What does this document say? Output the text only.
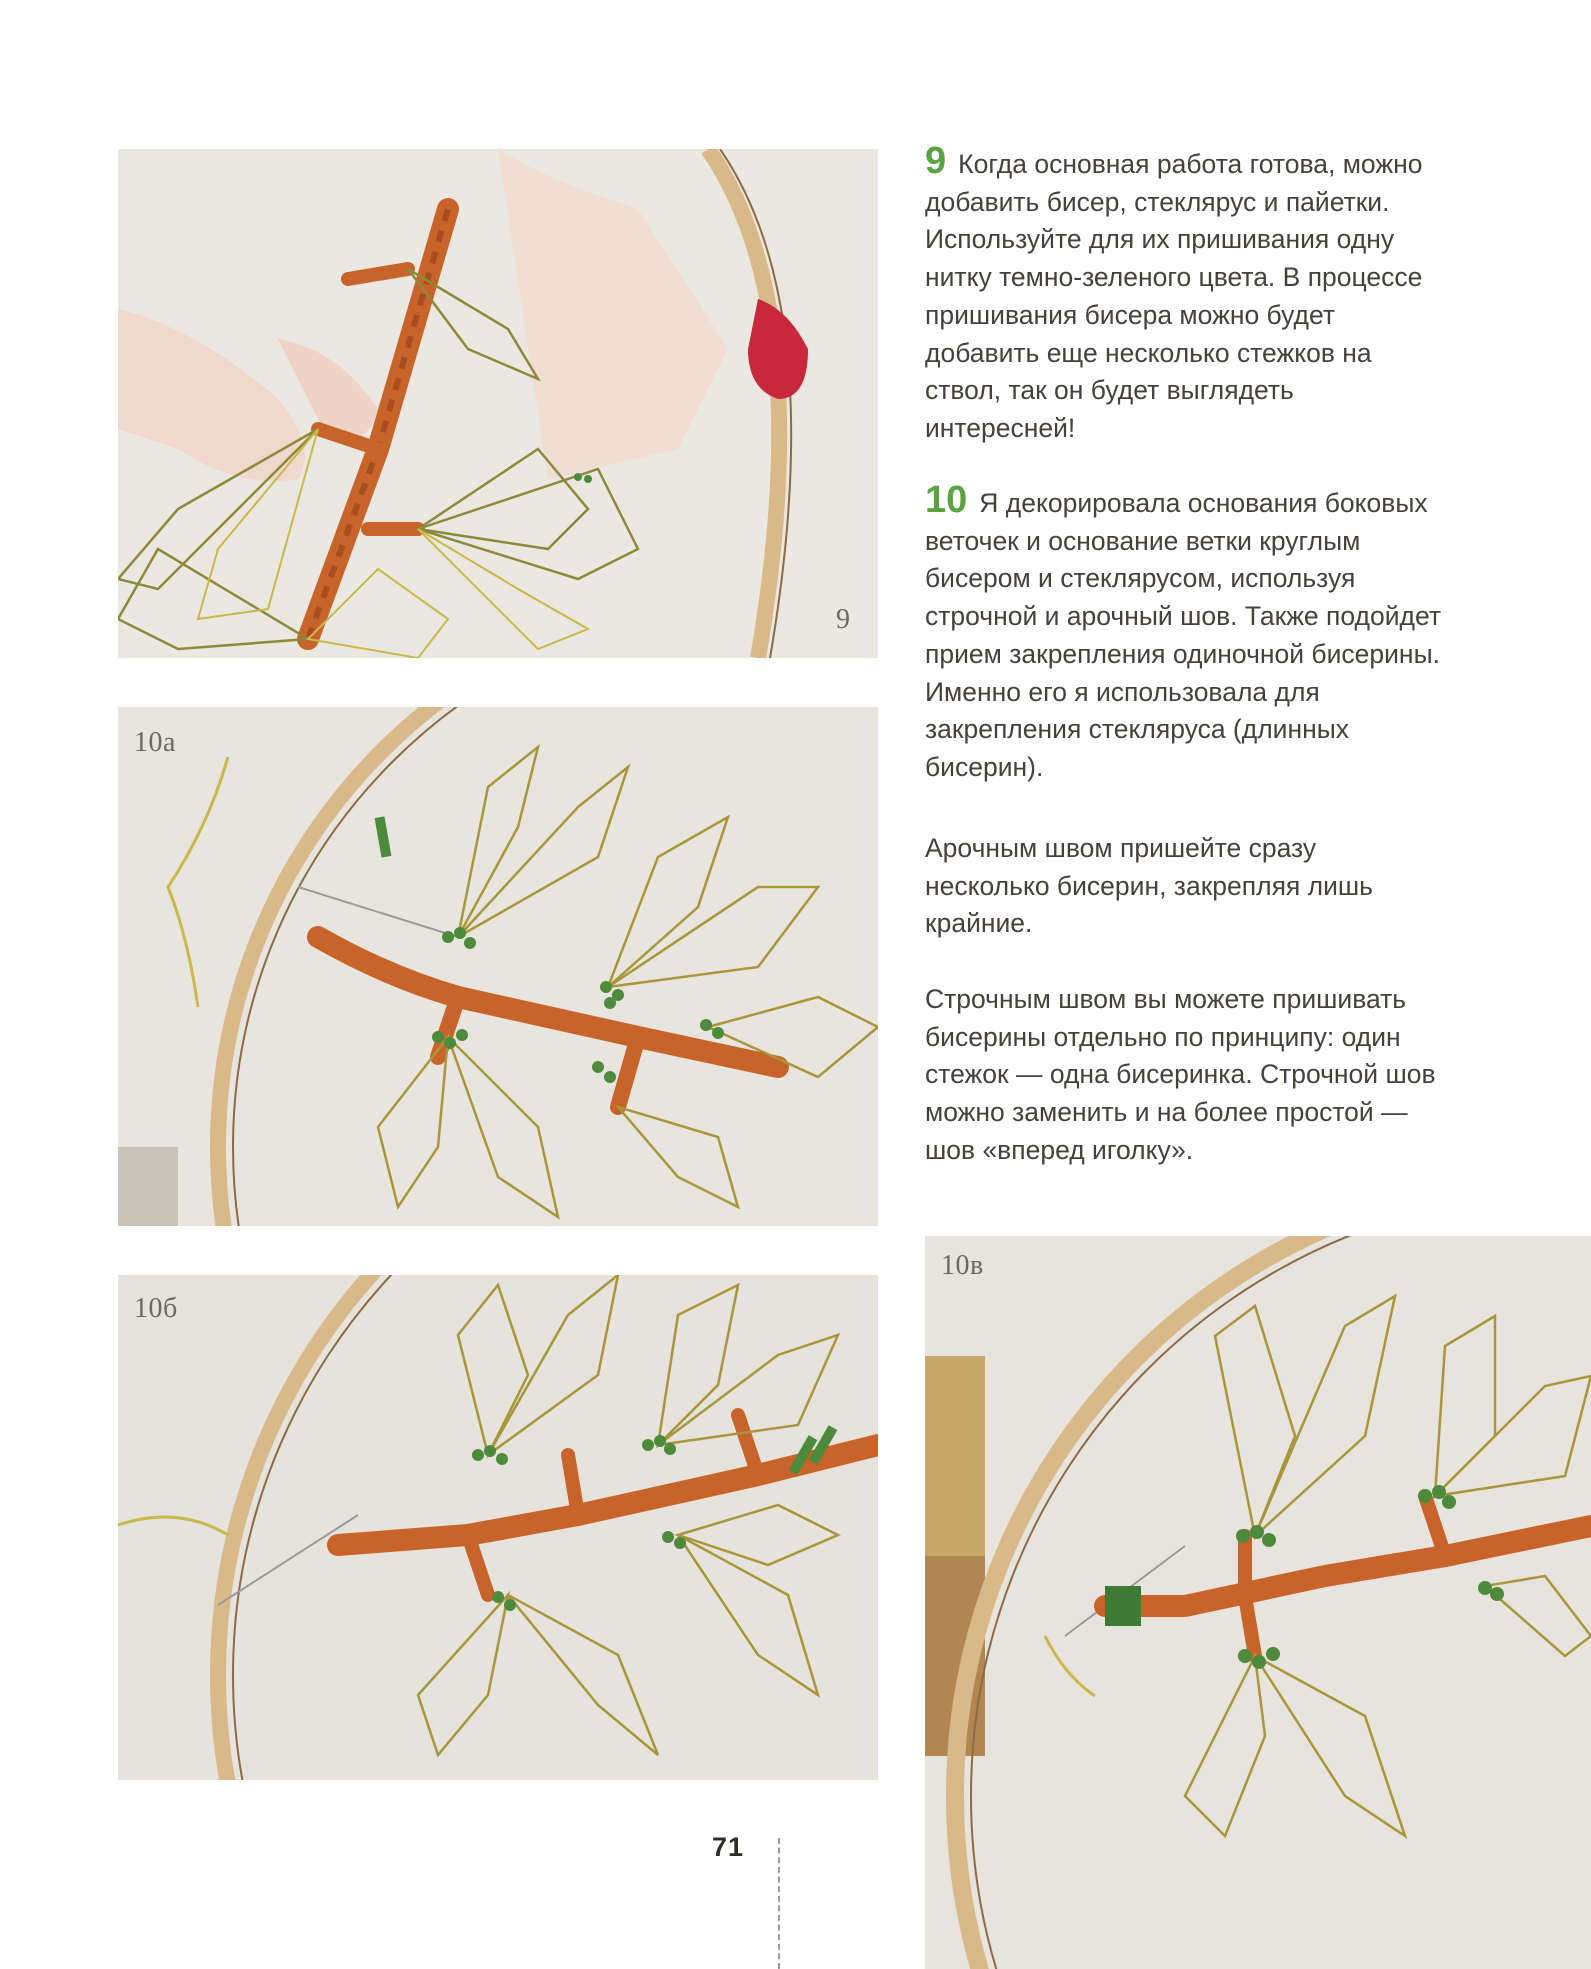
9
10a
10б
10в

9 Когда основная работа готова, можно добавить бисер, стеклярус и пайетки. Используйте для их пришивания одну нитку темно-зеленого цвета. В процессе пришивания бисера можно будет добавить еще несколько стежков на ствол, так он будет выглядеть интересней!

10 Я декорировала основания боковых веточек и основание ветки круглым бисером и стеклярусом, используя строчной и арочный шов. Также подойдет прием закрепления одиночной бисерины. Именно его я использовала для закрепления стекляруса (длинных бисерин).

Арочным швом пришейте сразу несколько бисерин, закрепляя лишь крайние.

Строчным швом вы можете пришивать бисерины отдельно по принципу: один стежок — одна бисеринка. Строчной шов можно заменить и на более простой — шов «вперед иголку».

71
